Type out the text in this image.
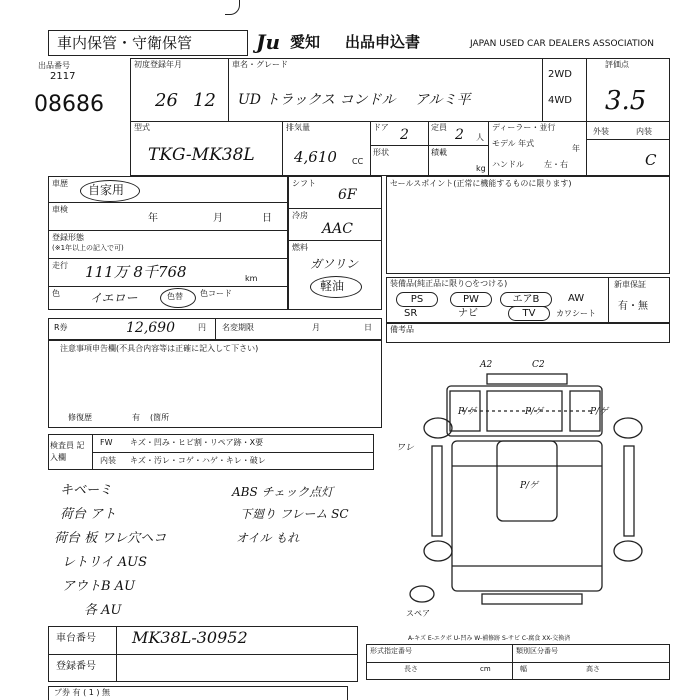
車内保管・守衛保管	Ju 愛知 出品申込書	JAPAN USED CAR DEALERS ASSOCIATION
出品番号
2117
08686
初度登録年月
26 12
車名・グレード
UD トラックス コンドル アルミ平
2WD
4WD
評価点
3.5
型式
TKG-MK38L
排気量
4,610 CC
ドア 2	定員 2 人
形状	積載
kg
ディーラー・並行
モデル 年式
年
ハンドル	左・右
外装	内装
C
車歴 自家用
車検
年	月	日
登録形態
(※1年以上の記入で可)
走行 111万 8千768	km
色	イエロー	色替 色コード
シフト
6F
冷房
AAC
燃料
ガソリン
軽油
セールスポイント(正常に機能するものに限ります)
装備品(純正品に限り○をつける)	新車保証
有・無
PS	PW	エアB	AW
SR	ナビ	TV	カワシート
R券	12,690	円 名変期限	月	日 備考品
注意事項申告欄(不具合内容等は正確に記入して下さい)
修復歴	有 (箇所
検査員 記入欄
FW キズ・凹み・ヒビ割・リペア跡・X要
内装 キズ・汚レ・コゲ・ハゲ・キレ・破レ
キベーミ
荷台 アト
荷台 板 ワレ穴ヘコ
レトリイ AUS
アウトB AU
各 AU
ABS チェック点灯
下廻り フレーム SC
オイル もれ
A2	C2
ワレ
P/ゲ	P/ゲ	P/ゲ
P/ゲ
スペア
A-キズ E-エクボ U-凹み W-補修跡 S-サビ C-腐食 XX-交換済
車台番号 MK38L-30952
登録番号
形式指定番号	類別区分番号
長さ	幅	高さ
cm
プ券 有 ( 1 ) 無
